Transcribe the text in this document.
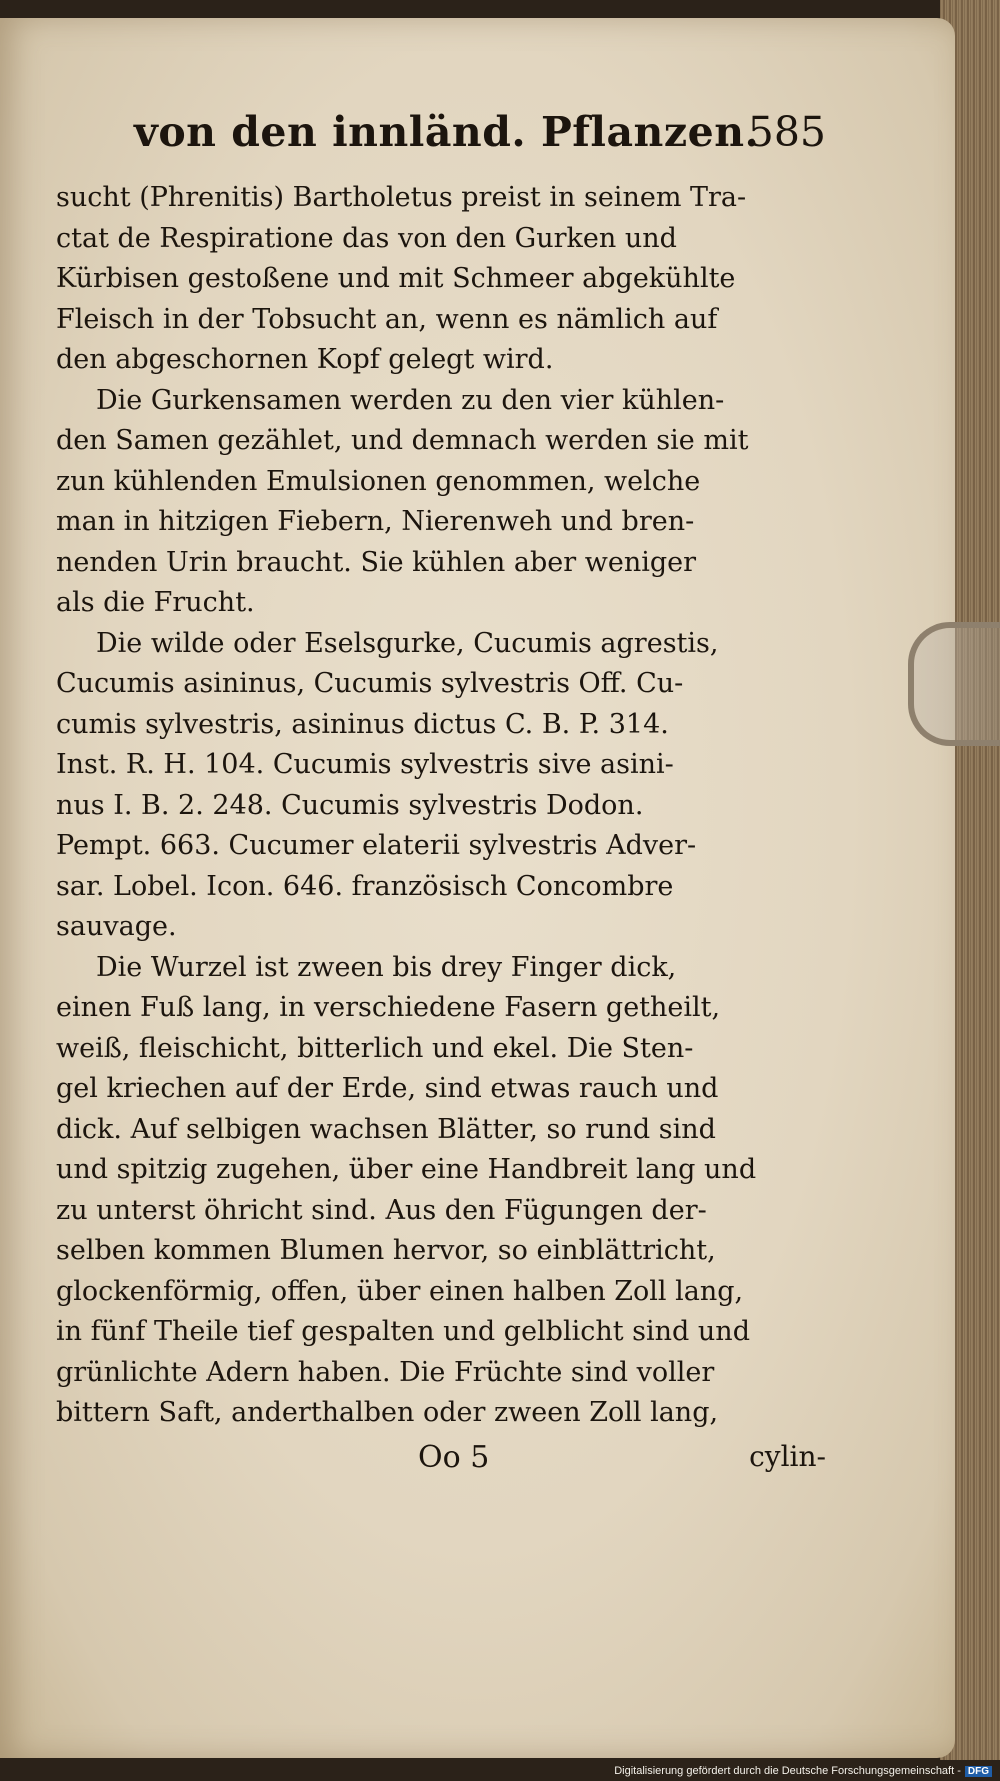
von den innländ. Pflanzen.
585
sucht (Phrenitis) Bartholetus preist in seinem Tra-
ctat de Respiratione das von den Gurken und
Kürbisen gestoßene und mit Schmeer abgekühlte
Fleisch in der Tobsucht an, wenn es nämlich auf
den abgeschornen Kopf gelegt wird.
Die Gurkensamen werden zu den vier kühlen-
den Samen gezählet, und demnach werden sie mit
zun kühlenden Emulsionen genommen, welche
man in hitzigen Fiebern, Nierenweh und bren-
nenden Urin braucht. Sie kühlen aber weniger
als die Frucht.
Die wilde oder Eselsgurke, Cucumis agrestis,
Cucumis asininus, Cucumis sylvestris Off. Cu-
cumis sylvestris, asininus dictus C. B. P. 314.
Inst. R. H. 104. Cucumis sylvestris sive asini-
nus I. B. 2. 248. Cucumis sylvestris Dodon.
Pempt. 663. Cucumer elaterii sylvestris Adver-
sar. Lobel. Icon. 646. französisch Concombre
sauvage.
Die Wurzel ist zween bis drey Finger dick,
einen Fuß lang, in verschiedene Fasern getheilt,
weiß, fleischicht, bitterlich und ekel. Die Sten-
gel kriechen auf der Erde, sind etwas rauch und
dick. Auf selbigen wachsen Blätter, so rund sind
und spitzig zugehen, über eine Handbreit lang und
zu unterst öhricht sind. Aus den Fügungen der-
selben kommen Blumen hervor, so einblättricht,
glockenförmig, offen, über einen halben Zoll lang,
in fünf Theile tief gespalten und gelblicht sind und
grünlichte Adern haben. Die Früchte sind voller
bittern Saft, anderthalben oder zween Zoll lang,
Oo 5	cylin-
Digitalisierung gefördert durch die Deutsche Forschungsgemeinschaft - DFG
